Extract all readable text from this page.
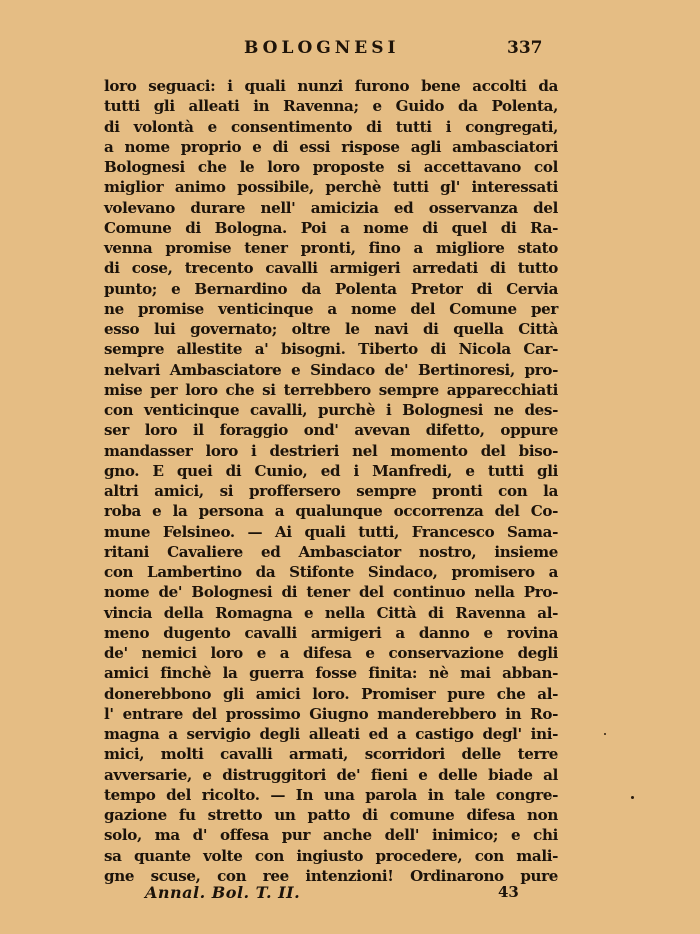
BOLOGNESI	337
loro seguaci: i quali nunzi furono bene accolti da
tutti gli alleati in Ravenna; e Guido da Polenta,
di volontà e consentimento di tutti i congregati,
a nome proprio e di essi rispose agli ambasciatori
Bolognesi che le loro proposte si accettavano col
miglior animo possibile, perchè tutti gl' interessati
volevano durare nell' amicizia ed osservanza del
Comune di Bologna. Poi a nome di quel di Ra-
venna promise tener pronti, fino a migliore stato
di cose, trecento cavalli armigeri arredati di tutto
punto; e Bernardino da Polenta Pretor di Cervia
ne promise venticinque a nome del Comune per
esso lui governato; oltre le navi di quella Città
sempre allestite a' bisogni. Tiberto di Nicola Car-
nelvari Ambasciatore e Sindaco de' Bertinoresi, pro-
mise per loro che si terrebbero sempre apparecchiati
con venticinque cavalli, purchè i Bolognesi ne des-
ser loro il foraggio ond' avevan difetto, oppure
mandasser loro i destrieri nel momento del biso-
gno. E quei di Cunio, ed i Manfredi, e tutti gli
altri amici, si proffersero sempre pronti con la
roba e la persona a qualunque occorrenza del Co-
mune Felsineo. — Ai quali tutti, Francesco Sama-
ritani Cavaliere ed Ambasciator nostro, insieme
con Lambertino da Stifonte Sindaco, promisero a
nome de' Bolognesi di tener del continuo nella Pro-
vincia della Romagna e nella Città di Ravenna al-
meno dugento cavalli armigeri a danno e rovina
de' nemici loro e a difesa e conservazione degli
amici finchè la guerra fosse finita: nè mai abban-
donerebbono gli amici loro. Promiser pure che al-
l' entrare del prossimo Giugno manderebbero in Ro-
magna a servigio degli alleati ed a castigo degl' ini-
mici, molti cavalli armati, scorridori delle terre
avversarie, e distruggitori de' fieni e delle biade al
tempo del ricolto. — In una parola in tale congre-
gazione fu stretto un patto di comune difesa non
solo, ma d' offesa pur anche dell' inimico; e chi
sa quante volte con ingiusto procedere, con mali-
gne scuse, con ree intenzioni! Ordinarono pure
Annal. Bol. T. II.	43
